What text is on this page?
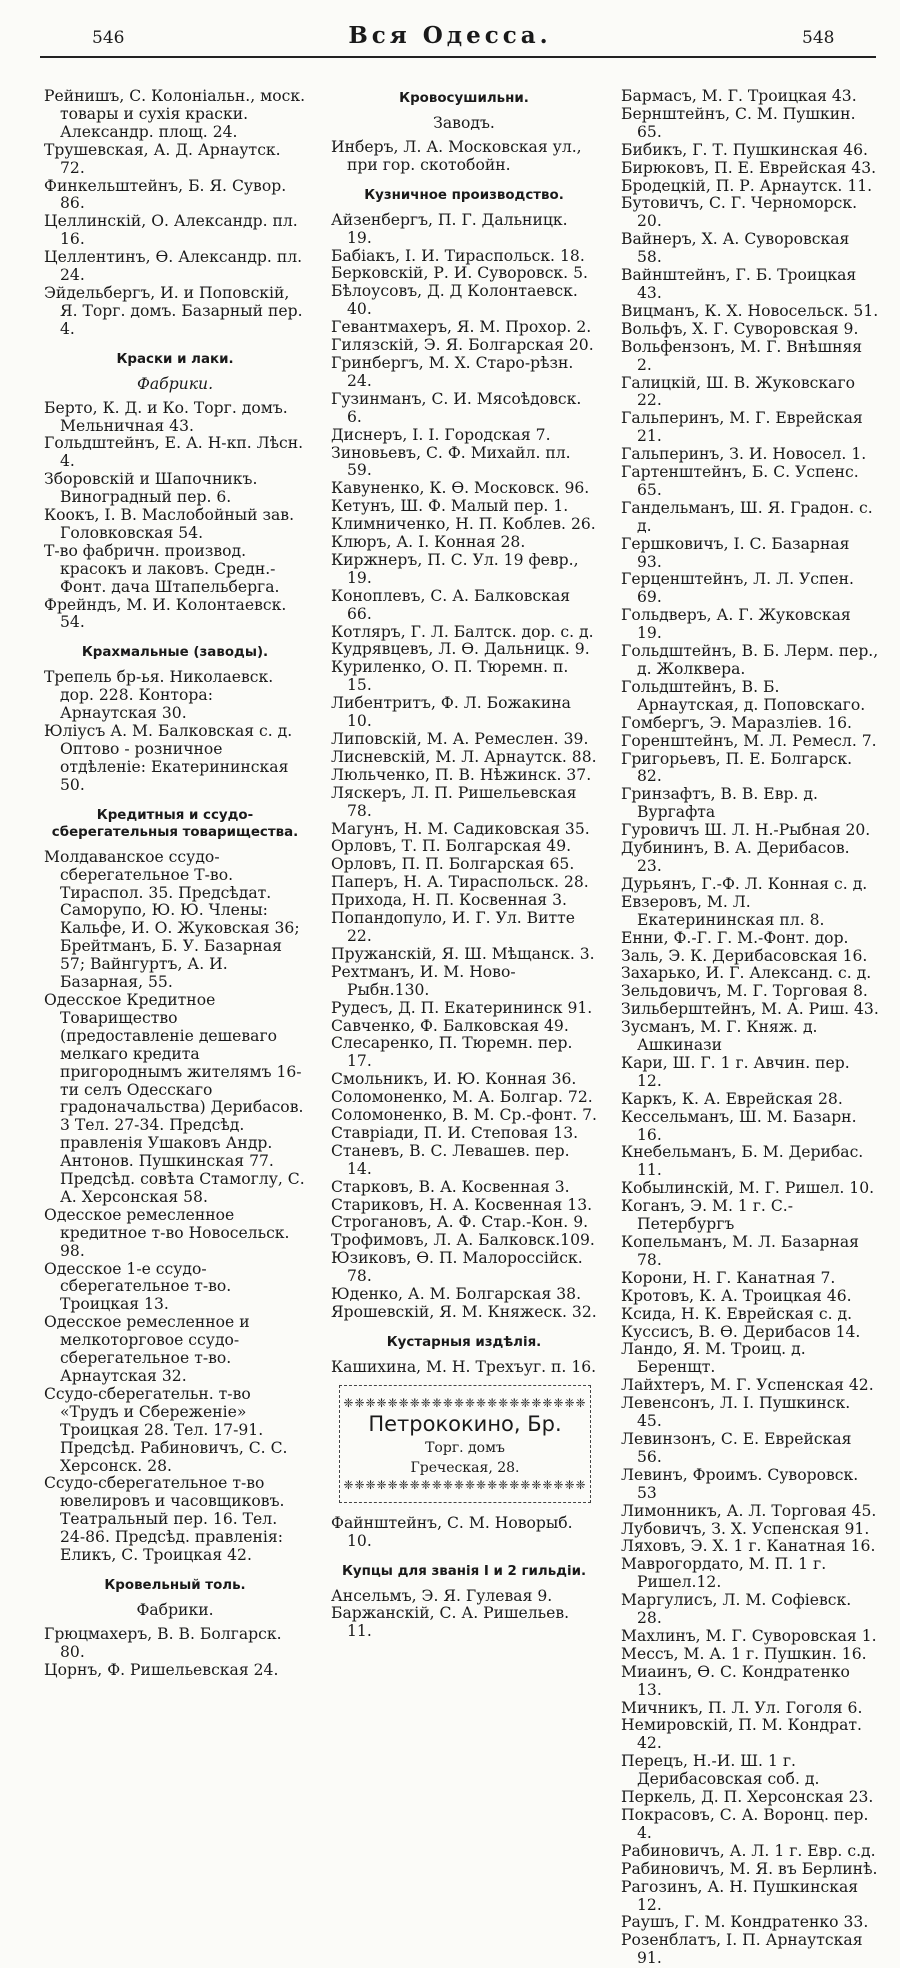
546	Вся Одесса.	548
Рейнишъ, С. Колоніальн., моск. товары и сухія краски. Александр. площ. 24.
Трушевская, А. Д. Арнаутск. 72.
Финкельштейнъ, Б. Я. Сувор. 86.
Целлинскій, О. Александр. пл. 16.
Целлентинъ, Ѳ. Александр. пл. 24.
Эйдельбергъ, И. и Поповскій, Я. Торг. домъ. Базарный пер. 4.
Краски и лаки.
Фабрики.
Берто, К. Д. и Ко. Торг. домъ. Мельничная 43.
Гольдштейнъ, Е. А. Н-кп. Лѣсн. 4.
Зборовскій и Шапочникъ. Виноградный пер. 6.
Коокъ, І. В. Маслобойный зав. Головковская 54.
Т-во фабричн. производ. красокъ и лаковъ. Средн.-Фонт. дача Штапельберга.
Фрейндъ, М. И. Колонтаевск. 54.
Крахмальные (заводы).
Трепель бр-ья. Николаевск. дор. 228. Контора: Арнаутская 30.
Юліусъ А. М. Балковская с. д. Оптово - розничное отдѣленіе: Екатерининская 50.
Кредитныя и ссудо-сберегательныя товарищества.
Молдаванское ссудо-сберегательное Т-во. Тираспол. 35. Предсѣдат. Саморупо, Ю. Ю. Члены: Кальфе, И. О. Жуковская 36; Брейтманъ, Б. У. Базарная 57; Вайнгуртъ, А. И. Базарная, 55.
Одесское Кредитное Товарищество (предоставленіе дешеваго мелкаго кредита пригороднымъ жителямъ 16-ти селъ Одесскаго градоначальства) Дерибасов. 3 Тел. 27-34. Предсѣд. правленія Ушаковъ Андр. Антонов. Пушкинская 77. Предсѣд. совѣта Стамоглу, С. А. Херсонская 58.
Одесское ремесленное кредитное т-во Новосельск. 98.
Одесское 1-е ссудо-сберегательное т-во. Троицкая 13.
Одесское ремесленное и мелкоторговое ссудо-сберегательное т-во. Арнаутская 32.
Ссудо-сберегательн. т-во «Трудъ и Сбереженіе» Троицкая 28. Тел. 17-91. Предсѣд. Рабиновичъ, С. С. Херсонск. 28.
Ссудо-сберегательное т-во ювелировъ и часовщиковъ. Театральный пер. 16. Тел. 24-86. Предсѣд. правленія: Еликъ, С. Троицкая 42.
Кровельный толь.
Фабрики.
Грюцмахеръ, В. В. Болгарск. 80.
Цорнъ, Ф. Ришельевская 24.
Кровосушильни.
Заводъ.
Инберъ, Л. А. Московская ул., при гор. скотобойн.
Кузничное производство.
Айзенбергъ, П. Г. Дальницк. 19.
Бабіакъ, І. И. Тираспольск. 18.
Берковскій, Р. И. Суворовск. 5.
Бѣлоусовъ, Д. Д Колонтаевск. 40.
Гевантмахеръ, Я. М. Прохор. 2.
Гилязскій, Э. Я. Болгарская 20.
Гринбергъ, М. Х. Старо-рѣзн. 24.
Гузинманъ, С. И. Мясоѣдовск. 6.
Диснеръ, І. І. Городская 7.
Зиновьевъ, С. Ф. Михайл. пл. 59.
Кавуненко, К. Ѳ. Московск. 96.
Кетунъ, Ш. Ф. Малый пер. 1.
Климниченко, Н. П. Коблев. 26.
Клюръ, А. І. Конная 28.
Киржнеръ, П. С. Ул. 19 февр., 19.
Коноплевъ, С. А. Балковская 66.
Котляръ, Г. Л. Балтск. дор. с. д.
Кудрявцевъ, Л. Ѳ. Дальницк. 9.
Куриленко, О. П. Тюремн. п. 15.
Либентритъ, Ф. Л. Божакина 10.
Липовскій, М. А. Ремеслен. 39.
Лисневскій, М. Л. Арнаутск. 88.
Люльченко, П. В. Нѣжинск. 37.
Ляскеръ, Л. П. Ришельевская 78.
Магунъ, Н. М. Садиковская 35.
Орловъ, Т. П. Болгарская 49.
Орловъ, П. П. Болгарская 65.
Паперъ, Н. А. Тираспольск. 28.
Прихода, Н. П. Косвенная 3.
Попандопуло, И. Г. Ул. Витте 22.
Пружанскій, Я. Ш. Мѣщанск. 3.
Рехтманъ, И. М. Ново-Рыбн.130.
Рудесъ, Д. П. Екатерининск 91.
Савченко, Ф. Балковская 49.
Слесаренко, П. Тюремн. пер. 17.
Смольникъ, И. Ю. Конная 36.
Соломоненко, М. А. Болгар. 72.
Соломоненко, В. М. Ср.-фонт. 7.
Ставріади, П. И. Степовая 13.
Станевъ, В. С. Левашев. пер. 14.
Старковъ, В. А. Косвенная 3.
Стариковъ, Н. А. Косвенная 13.
Строгановъ, А. Ф. Стар.-Кон. 9.
Трофимовъ, Л. А. Балковск.109.
Юзиковъ, Ѳ. П. Малороссійск. 78.
Юденко, А. М. Болгарская 38.
Ярошевскій, Я. М. Княжеск. 32.
Кустарныя издѣлія.
Кашихина, М. Н. Трехъуг. п. 16.
❈❈❈❈❈❈❈❈❈❈❈❈❈❈❈❈❈❈❈❈❈❈
Петрококино, Бр.
Торг. домъ
Греческая, 28.
❈❈❈❈❈❈❈❈❈❈❈❈❈❈❈❈❈❈❈❈❈❈
Файнштейнъ, С. М. Новорыб. 10.
Купцы для званія I и 2 гильдіи.
Ансельмъ, Э. Я. Гулевая 9.
Баржанскій, С. А. Ришельев. 11.
Бармасъ, М. Г. Троицкая 43.
Бернштейнъ, С. М. Пушкин. 65.
Бибикъ, Г. Т. Пушкинская 46.
Бирюковъ, П. Е. Еврейская 43.
Бродецкій, П. Р. Арнаутск. 11.
Бутовичъ, С. Г. Черноморск. 20.
Вайнеръ, Х. А. Суворовская 58.
Вайнштейнъ, Г. Б. Троицкая 43.
Вицманъ, К. Х. Новосельск. 51.
Вольфъ, Х. Г. Суворовская 9.
Вольфензонъ, М. Г. Внѣшняя 2.
Галицкій, Ш. В. Жуковскаго 22.
Гальперинъ, М. Г. Еврейская 21.
Гальперинъ, З. И. Новосел. 1.
Гартенштейнъ, Б. С. Успенс. 65.
Гандельманъ, Ш. Я. Градон. с. д.
Гершковичъ, І. С. Базарная 93.
Герценштейнъ, Л. Л. Успен. 69.
Гольдверъ, А. Г. Жуковская 19.
Гольдштейнъ, В. Б. Лерм. пер., д. Жолквера.
Гольдштейнъ, В. Б. Арнаутская, д. Поповскаго.
Гомбергъ, Э. Маразліев. 16.
Горенштейнъ, М. Л. Ремесл. 7.
Григорьевъ, П. Е. Болгарск. 82.
Гринзафтъ, В. В. Евр. д. Вургафта
Гуровичъ Ш. Л. Н.-Рыбная 20.
Дубининъ, В. А. Дерибасов. 23.
Дурьянъ, Г.-Ф. Л. Конная с. д.
Евзеровъ, М. Л. Екатерининская пл. 8.
Енни, Ф.-Г. Г. М.-Фонт. дор.
Заль, Э. К. Дерибасовская 16.
Захарько, И. Г. Александ. с. д.
Зельдовичъ, М. Г. Торговая 8.
Зильберштейнъ, М. А. Риш. 43.
Зусманъ, М. Г. Княж. д. Ашкинази
Кари, Ш. Г. 1 г. Авчин. пер. 12.
Каркъ, К. А. Еврейская 28.
Кессельманъ, Ш. М. Базарн. 16.
Кнебельманъ, Б. М. Дерибас. 11.
Кобылинскій, М. Г. Ришел. 10.
Коганъ, Э. М. 1 г. С.-Петербургъ
Копельманъ, М. Л. Базарная 78.
Корони, Н. Г. Канатная 7.
Кротовъ, К. А. Троицкая 46.
Ксида, Н. К. Еврейская с. д.
Куссисъ, В. Ѳ. Дерибасов 14.
Ландо, Я. М. Троиц. д. Беренщт.
Лайхтеръ, М. Г. Успенская 42.
Левенсонъ, Л. І. Пушкинск. 45.
Левинзонъ, С. Е. Еврейская 56.
Левинъ, Фроимъ. Суворовск. 53
Лимонникъ, А. Л. Торговая 45.
Лубовичъ, З. Х. Успенская 91.
Ляховъ, Э. Х. 1 г. Канатная 16.
Маврогордато, М. П. 1 г. Ришел.12.
Маргулисъ, Л. М. Софіевск. 28.
Махлинъ, М. Г. Суворовская 1.
Мессъ, М. А. 1 г. Пушкин. 16.
Миаинъ, Ѳ. С. Кондратенко 13.
Мичникъ, П. Л. Ул. Гоголя 6.
Немировскій, П. М. Кондрат. 42.
Перецъ, Н.-И. Ш. 1 г. Дерибасовская соб. д.
Перкель, Д. П. Херсонская 23.
Покрасовъ, С. А. Воронц. пер. 4.
Рабиновичъ, А. Л. 1 г. Евр. с.д.
Рабиновичъ, М. Я. въ Берлинѣ.
Рагозинъ, А. Н. Пушкинская 12.
Раушъ, Г. М. Кондратенко 33.
Розенблатъ, І. П. Арнаутская 91.
